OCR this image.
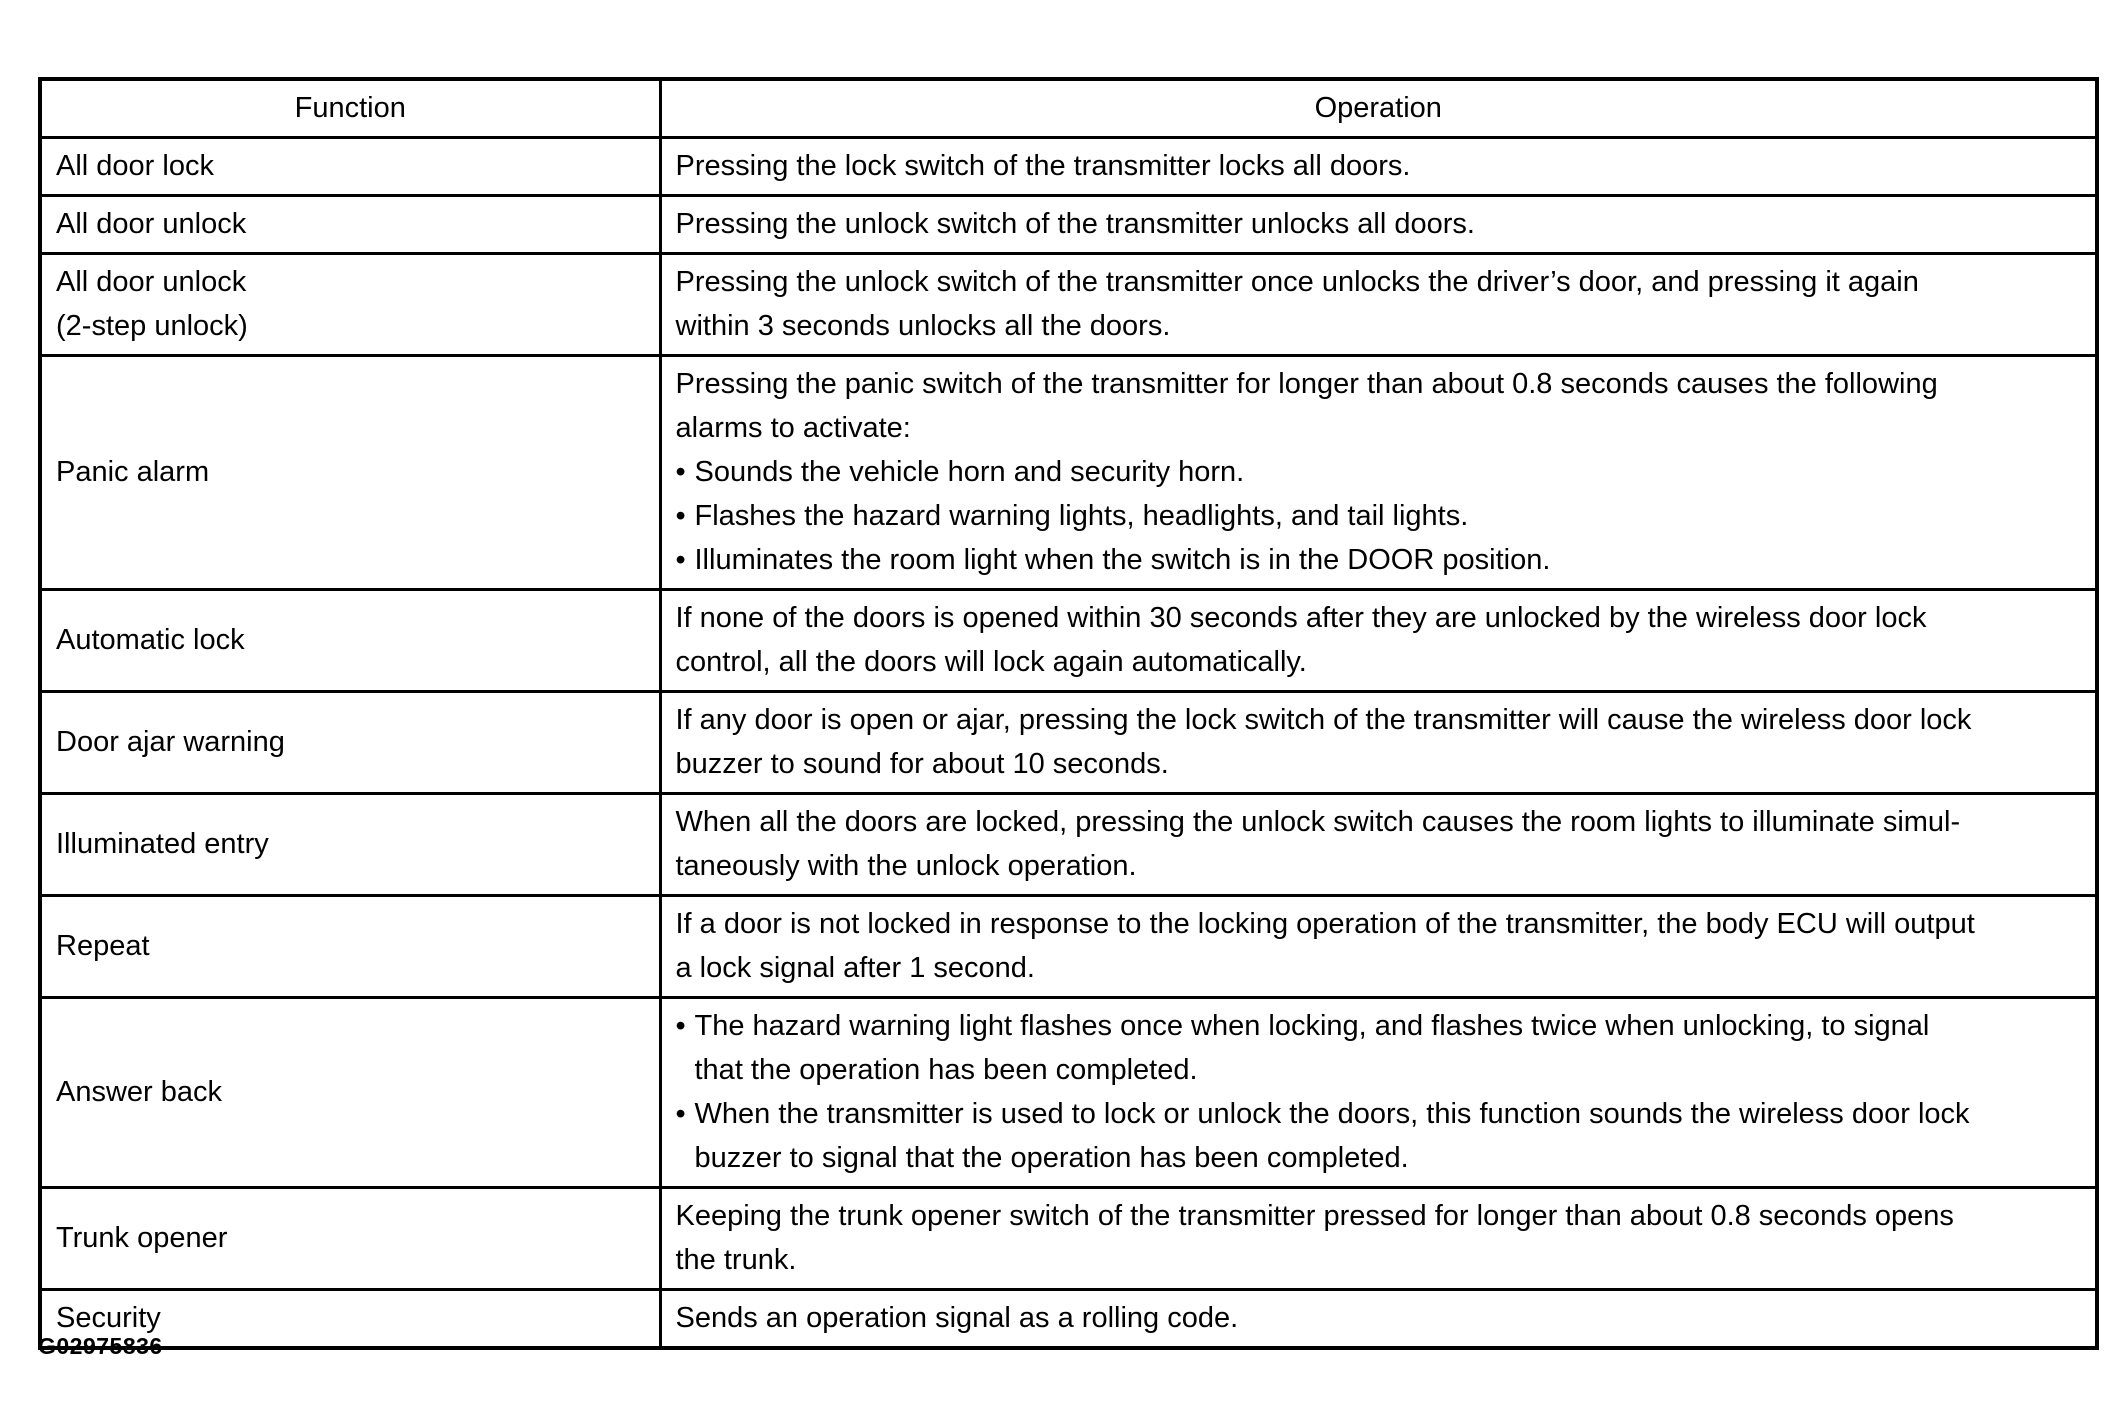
Function	Operation

All door lock	Pressing the lock switch of the transmitter locks all doors.

All door unlock	Pressing the unlock switch of the transmitter unlocks all doors.

All door unlock
(2-step unlock)	Pressing the unlock switch of the transmitter once unlocks the driver’s door, and pressing it again
within 3 seconds unlocks all the doors.

Panic alarm	Pressing the panic switch of the transmitter for longer than about 0.8 seconds causes the following
alarms to activate:
• Sounds the vehicle horn and security horn.
• Flashes the hazard warning lights, headlights, and tail lights.
• Illuminates the room light when the switch is in the DOOR position.

Automatic lock	If none of the doors is opened within 30 seconds after they are unlocked by the wireless door lock
control, all the doors will lock again automatically.

Door ajar warning	If any door is open or ajar, pressing the lock switch of the transmitter will cause the wireless door lock
buzzer to sound for about 10 seconds.

Illuminated entry	When all the doors are locked, pressing the unlock switch causes the room lights to illuminate simul-
taneously with the unlock operation.

Repeat	If a door is not locked in response to the locking operation of the transmitter, the body ECU will output
a lock signal after 1 second.

Answer back	• The hazard warning light flashes once when locking, and flashes twice when unlocking, to signal
that the operation has been completed.
• When the transmitter is used to lock or unlock the doors, this function sounds the wireless door lock
buzzer to signal that the operation has been completed.

Trunk opener	Keeping the trunk opener switch of the transmitter pressed for longer than about 0.8 seconds opens
the trunk.

Security	Sends an operation signal as a rolling code.
G02975836
